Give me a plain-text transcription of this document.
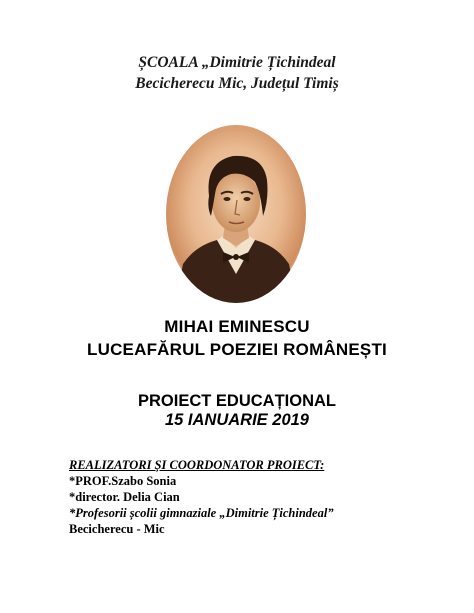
ȘCOALA „Dimitrie Țichindeal
Becicherecu Mic, Județul Timiș
MIHAI EMINESCU
LUCEAFĂRUL POEZIEI ROMÂNEȘTI
PROIECT EDUCAȚIONAL
15 IANUARIE 2019
REALIZATORI ȘI COORDONATOR PROIECT:
*PROF.Szabo Sonia
*director. Delia Cian
*Profesorii școlii gimnaziale „Dimitrie Țichindeal”
Becicherecu - Mic
